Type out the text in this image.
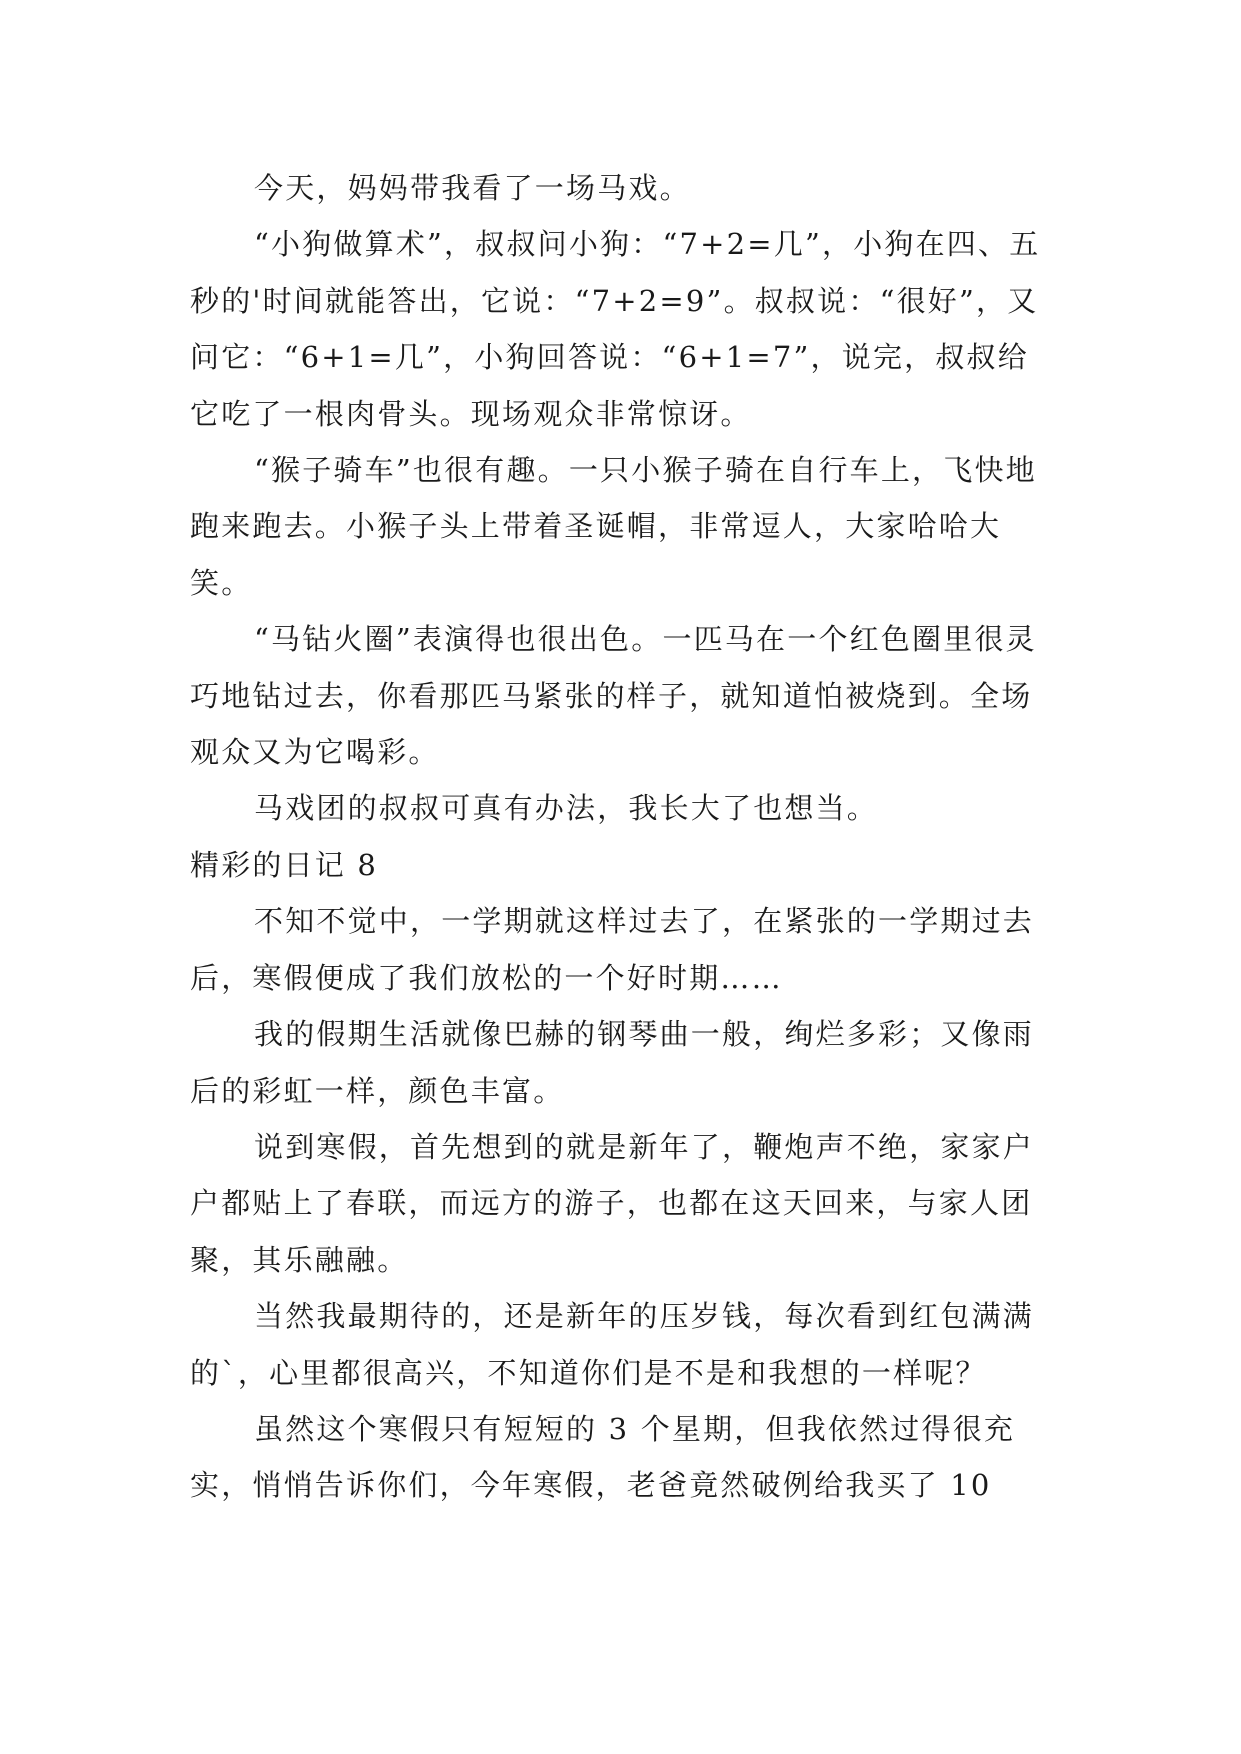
今天，妈妈带我看了一场马戏。

“小狗做算术”，叔叔问小狗：“7+2=几”，小狗在四、五秒的'时间就能答出，它说：“7+2=9”。叔叔说：“很好”，又问它：“6+1=几”，小狗回答说：“6+1=7”，说完，叔叔给它吃了一根肉骨头。现场观众非常惊讶。

“猴子骑车”也很有趣。一只小猴子骑在自行车上，飞快地跑来跑去。小猴子头上带着圣诞帽，非常逗人，大家哈哈大笑。

“马钻火圈”表演得也很出色。一匹马在一个红色圈里很灵巧地钻过去，你看那匹马紧张的样子，就知道怕被烧到。全场观众又为它喝彩。

马戏团的叔叔可真有办法，我长大了也想当。

精彩的日记 8

不知不觉中，一学期就这样过去了，在紧张的一学期过去后，寒假便成了我们放松的一个好时期……

我的假期生活就像巴赫的钢琴曲一般，绚烂多彩；又像雨后的彩虹一样，颜色丰富。

说到寒假，首先想到的就是新年了，鞭炮声不绝，家家户户都贴上了春联，而远方的游子，也都在这天回来，与家人团聚，其乐融融。

当然我最期待的，还是新年的压岁钱，每次看到红包满满的`，心里都很高兴，不知道你们是不是和我想的一样呢？

虽然这个寒假只有短短的 3 个星期，但我依然过得很充实，悄悄告诉你们，今年寒假，老爸竟然破例给我买了 10
